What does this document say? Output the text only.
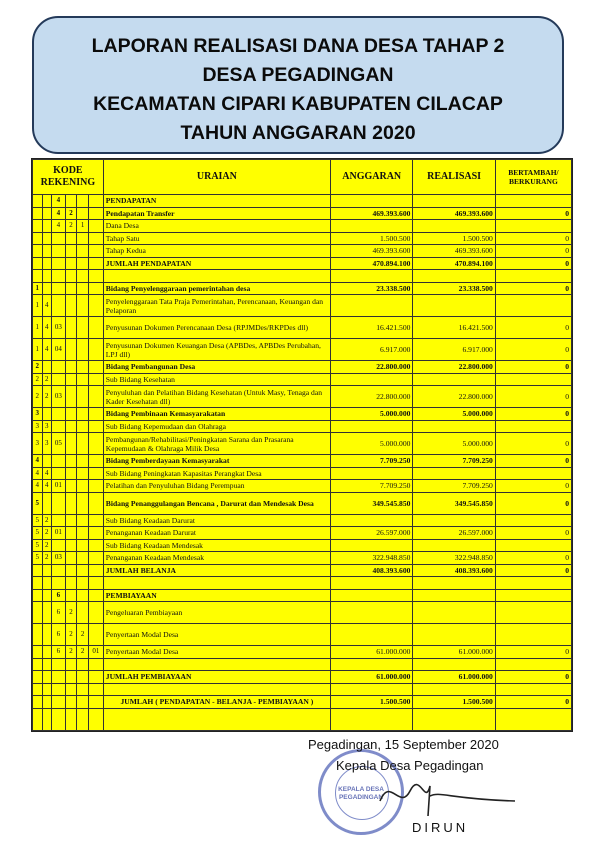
LAPORAN REALISASI DANA DESA TAHAP 2
DESA PEGADINGAN
KECAMATAN CIPARI KABUPATEN CILACAP
TAHUN ANGGARAN 2020
KODE REKENING						URAIAN	ANGGARAN	REALISASI	BERTAMBAH/ BERKURANG
		4				PENDAPATAN			
		4	2			Pendapatan Transfer	469.393.600	469.393.600	0
		4	2	1		Dana Desa			
						Tahap Satu	1.500.500	1.500.500	0
						Tahap Kedua	469.393.600	469.393.600	0
						JUMLAH PENDAPATAN	470.894.100	470.894.100	0

1						Bidang Penyelenggaraan pemerintahan desa	23.338.500	23.338.500	0
1	4					Penyelenggaraan Tata Praja Pemerintahan, Perencanaan, Keuangan dan Pelaporan			
1	4	03				Penyusunan Dokumen Perencanaan Desa (RPJMDes/RKPDes dll)	16.421.500	16.421.500	0
1	4	04				Penyusunan Dokumen Keuangan Desa (APBDes, APBDes Perubahan, LPJ dll)	6.917.000	6.917.000	0
2						Bidang Pembangunan Desa	22.800.000	22.800.000	0
2	2					Sub Bidang Kesehatan			
2	2	03				Penyuluhan dan Pelatihan Bidang Kesehatan (Untuk Masy, Tenaga dan Kader Kesehatan dll)	22.800.000	22.800.000	0
3						Bidang Pembinaan Kemasyarakatan	5.000.000	5.000.000	0
3	3					Sub Bidang Kepemudaan dan Olahraga			
3	3	05				Pembangunan/Rehabilitasi/Peningkatan Sarana dan Prasarana Kepemudaan & Olahraga Milik Desa	5.000.000	5.000.000	0
4						Bidang Pemberdayaan Kemasyarakat	7.709.250	7.709.250	0
4	4					Sub Bidang Peningkatan Kapasitas Perangkat Desa			
4	4	01				Pelatihan dan Penyuluhan Bidang Perempuan	7.709.250	7.709.250	0
5						Bidang Penanggulangan Bencana , Darurat dan Mendesak Desa	349.545.850	349.545.850	0
5	2					Sub Bidang Keadaan Darurat			
5	2	01				Penanganan Keadaan Darurat	26.597.000	26.597.000	0
5	2					Sub Bidang Keadaan Mendesak			
5	2	03				Penanganan Keadaan Mendesak	322.948.850	322.948.850	0
						JUMLAH BELANJA	408.393.600	408.393.600	0

		6				PEMBIAYAAN			
		6	2			Pengeluaran Pembiayaan			
		6	2	2		Penyertaan Modal Desa			
		6	2	2	01	Penyertaan Modal Desa	61.000.000	61.000.000	0

						JUMLAH PEMBIAYAAN	61.000.000	61.000.000	0

						JUMLAH ( PENDAPATAN - BELANJA - PEMBIAYAAN )	1.500.500	1.500.500	0

KEPALA DESA PEGADINGAN
Pegadingan, 15 September 2020
Kepala Desa Pegadingan
DIRUN
